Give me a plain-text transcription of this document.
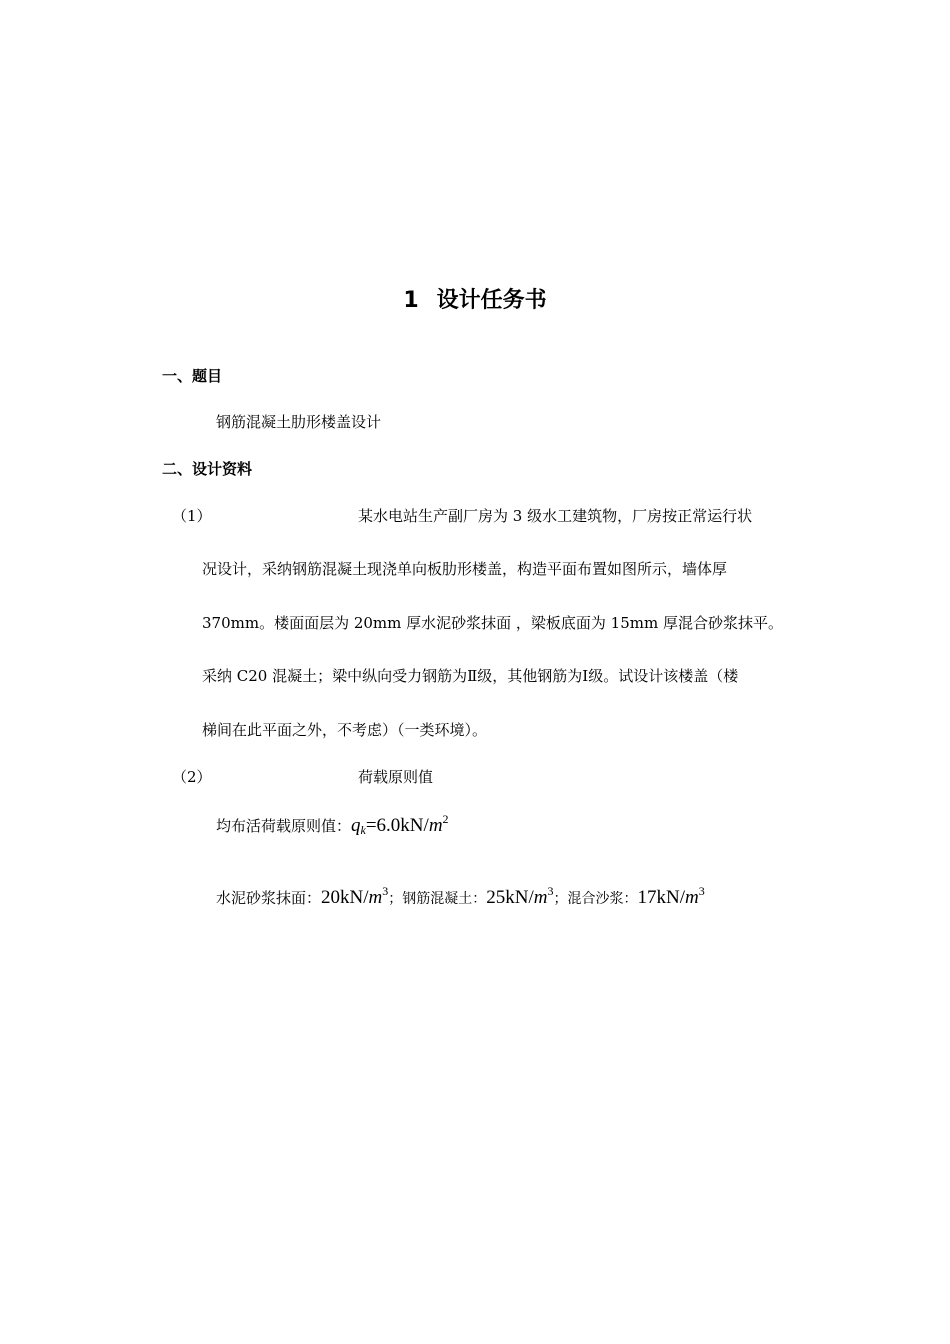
1 设计任务书
一、题目
钢筋混凝土肋形楼盖设计
二、设计资料
（1）	某水电站生产副厂房为 3 级水工建筑物，厂房按正常运行状
况设计，采纳钢筋混凝土现浇单向板肋形楼盖，构造平面布置如图所示，墙体厚
370mm。楼面面层为 20mm 厚水泥砂浆抹面 ，梁板底面为 15mm 厚混合砂浆抹平。
采纳 C20 混凝土；梁中纵向受力钢筋为Ⅱ级，其他钢筋为Ⅰ级。试设计该楼盖（楼
梯间在此平面之外，不考虑）（一类环境）。
（2）	荷载原则值
均布活荷载原则值：$q_k=6.0kN/m^2$
水泥砂浆抹面：$20kN/m^3$；钢筋混凝土：$25kN/m^3$；混合沙浆：$17kN/m^3$
